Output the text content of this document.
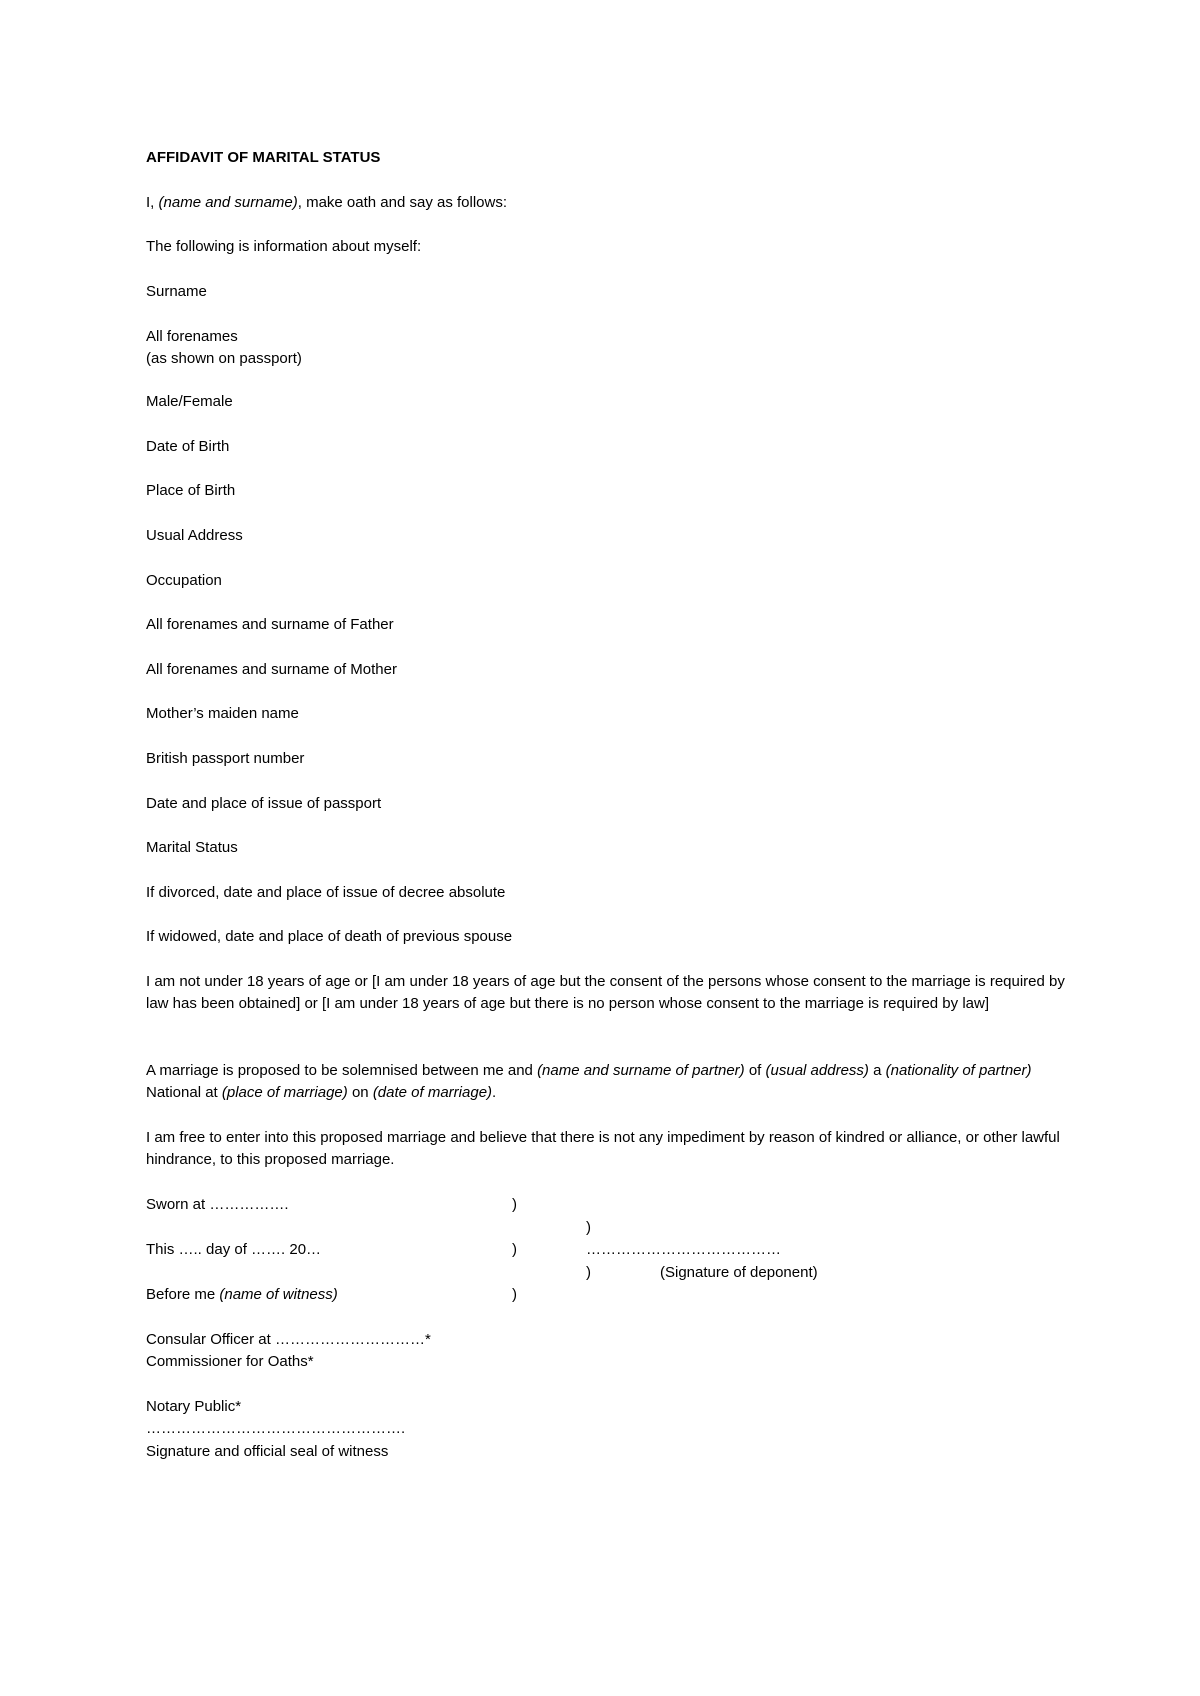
AFFIDAVIT OF MARITAL STATUS
I, (name and surname), make oath and say as follows:
The following is information about myself:
Surname
All forenames
(as shown on passport)
Male/Female
Date of Birth
Place of Birth
Usual Address
Occupation
All forenames and surname of Father
All forenames and surname of Mother
Mother’s maiden name
British passport number
Date and place of issue of passport
Marital Status
If divorced, date and place of issue of decree absolute
If widowed, date and place of death of previous spouse
I am not under 18 years of age or [I am under 18 years of age but the consent of the persons whose consent to the marriage is required by law has been obtained] or [I am under 18 years of age but there is no person whose consent to the marriage is required by law]
A marriage is proposed to be solemnised between me and (name and surname of partner) of (usual address) a (nationality of partner) National at (place of marriage) on (date of marriage).
I am free to enter into this proposed marriage and believe that there is not any impediment by reason of kindred or alliance, or other lawful hindrance, to this proposed marriage.
Sworn at …………….	)
)
This ….. day of ……. 20…	)	…………………………………
)	(Signature of deponent)
Before me (name of witness)	)
Consular Officer at …………………………*
Commissioner for Oaths*
Notary Public*
…………………………………………….
Signature and official seal of witness
